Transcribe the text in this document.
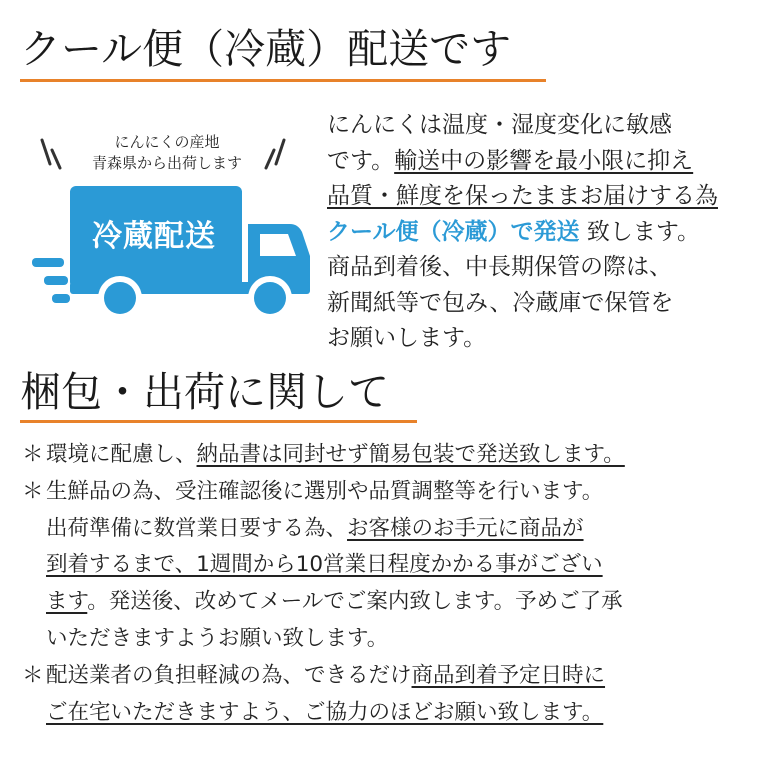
クール便（冷蔵）配送です
にんにくの産地
青森県から出荷します
冷蔵配送

にんにくは温度・湿度変化に敏感

です。輸送中の影響を最小限に抑え

品質・鮮度を保ったままお届けする為

クール便（冷蔵）で発送 致します。

商品到着後、中長期保管の際は、

新聞紙等で包み、冷蔵庫で保管を

お願いします。

梱包・出荷に関して

＊ 環境に配慮し、納品書は同封せず簡易包装で発送致します。

＊ 生鮮品の為、受注確認後に選別や品質調整等を行います。

出荷準備に数営業日要する為、お客様のお手元に商品が

到着するまで、1週間から10営業日程度かかる事がござい

ます。発送後、改めてメールでご案内致します。予めご了承

いただきますようお願い致します。

＊ 配送業者の負担軽減の為、できるだけ商品到着予定日時に

ご在宅いただきますよう、ご協力のほどお願い致します。
